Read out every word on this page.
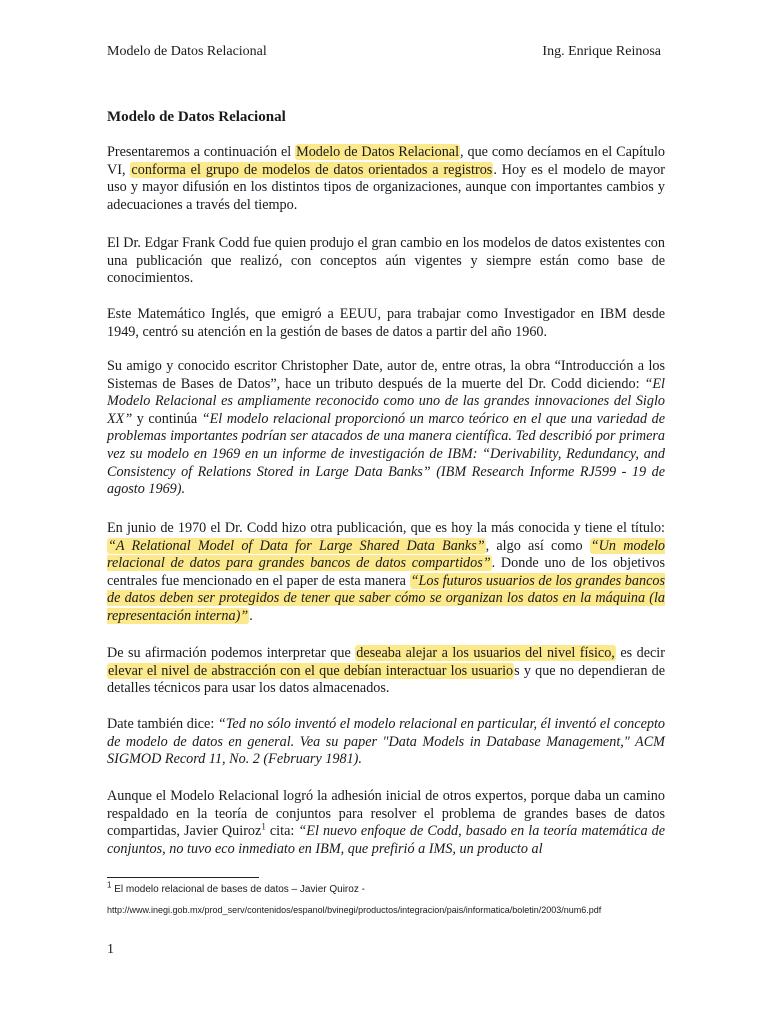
Modelo de Datos Relacional	Ing. Enrique Reinosa
Modelo de Datos Relacional

Presentaremos a continuación el Modelo de Datos Relacional, que como decíamos en el Capítulo VI, conforma el grupo de modelos de datos orientados a registros. Hoy es el modelo de mayor uso y mayor difusión en los distintos tipos de organizaciones, aunque con importantes cambios y adecuaciones a través del tiempo.

El Dr. Edgar Frank Codd fue quien produjo el gran cambio en los modelos de datos existentes con una publicación que realizó, con conceptos aún vigentes y siempre están como base de conocimientos.

Este Matemático Inglés, que emigró a EEUU, para trabajar como Investigador en IBM desde 1949, centró su atención en la gestión de bases de datos a partir del año 1960.

Su amigo y conocido escritor Christopher Date, autor de, entre otras, la obra “Introducción a los Sistemas de Bases de Datos”, hace un tributo después de la muerte del Dr. Codd diciendo: “El Modelo Relacional es ampliamente reconocido como uno de las grandes innovaciones del Siglo XX” y continúa “El modelo relacional proporcionó un marco teórico en el que una variedad de problemas importantes podrían ser atacados de una manera científica. Ted describió por primera vez su modelo en 1969 en un informe de investigación de IBM: “Derivability, Redundancy, and Consistency of Relations Stored in Large Data Banks” (IBM Research Informe RJ599 - 19 de agosto 1969).

En junio de 1970 el Dr. Codd hizo otra publicación, que es hoy la más conocida y tiene el título: “A Relational Model of Data for Large Shared Data Banks”, algo así como “Un modelo relacional de datos para grandes bancos de datos compartidos”. Donde uno de los objetivos centrales fue mencionado en el paper de esta manera “Los futuros usuarios de los grandes bancos de datos deben ser protegidos de tener que saber cómo se organizan los datos en la máquina (la representación interna)”.

De su afirmación podemos interpretar que deseaba alejar a los usuarios del nivel físico, es decir elevar el nivel de abstracción con el que debían interactuar los usuarios y que no dependieran de detalles técnicos para usar los datos almacenados.

Date también dice: “Ted no sólo inventó el modelo relacional en particular, él inventó el concepto de modelo de datos en general. Vea su paper "Data Models in Database Management," ACM SIGMOD Record 11, No. 2 (February 1981).

Aunque el Modelo Relacional logró la adhesión inicial de otros expertos, porque daba un camino respaldado en la teoría de conjuntos para resolver el problema de grandes bases de datos compartidas, Javier Quiroz$^1$ cita: “El nuevo enfoque de Codd, basado en la teoría matemática de conjuntos, no tuvo eco inmediato en IBM, que prefirió a IMS, un producto al

$^1$ El modelo relacional de bases de datos – Javier Quiroz -
http://www.inegi.gob.mx/prod_serv/contenidos/espanol/bvinegi/productos/integracion/pais/informatica/boletin/2003/num6.pdf
1
